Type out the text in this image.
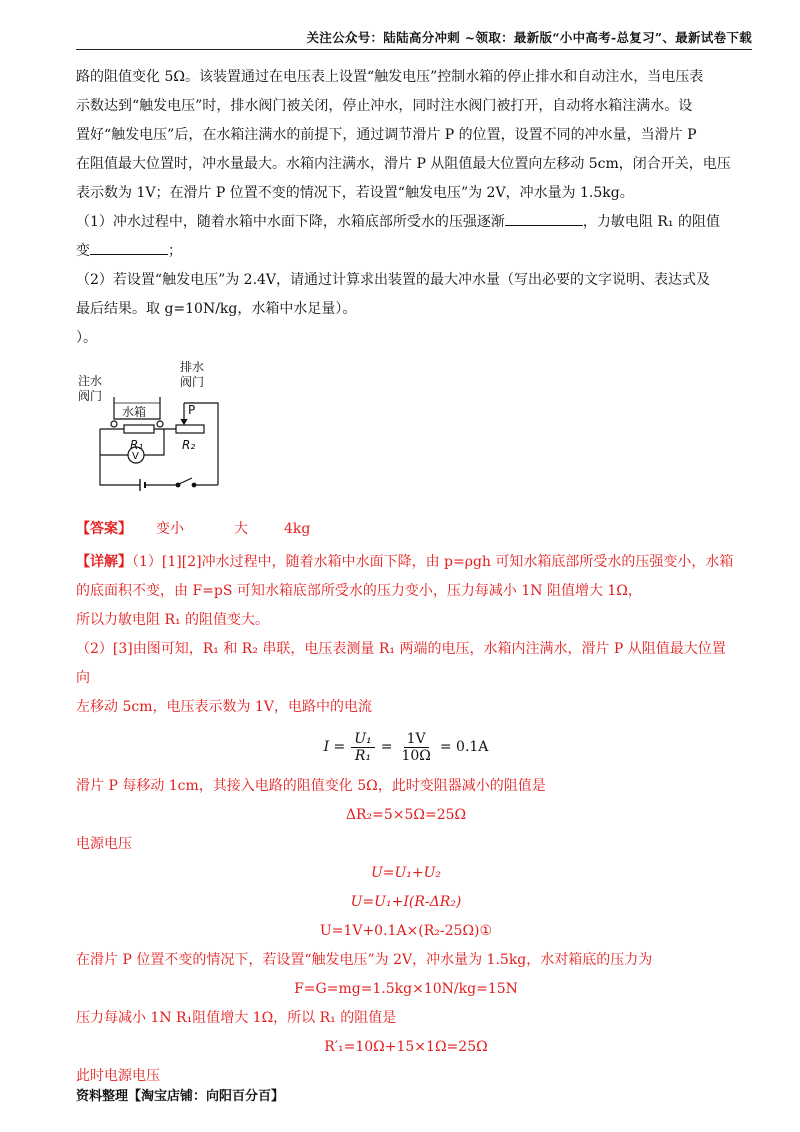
关注公众号：陆陆高分冲刺 ~领取：最新版“小中高考-总复习”、最新试卷下载

路的阻值变化 5Ω。该装置通过在电压表上设置“触发电压”控制水箱的停止排水和自动注水，当电压表

示数达到“触发电压”时，排水阀门被关闭，停止冲水，同时注水阀门被打开，自动将水箱注满水。设

置好“触发电压”后，在水箱注满水的前提下，通过调节滑片 P 的位置，设置不同的冲水量，当滑片 P

在阻值最大位置时，冲水量最大。水箱内注满水，滑片 P 从阻值最大位置向左移动 5cm，闭合开关，电压

表示数为 1V；在滑片 P 位置不变的情况下，若设置“触发电压”为 2V，冲水量为 1.5kg。

（1）冲水过程中，随着水箱中水面下降，水箱底部所受水的压强逐渐	，力敏电阻 R₁ 的阻值

变	；

（2）若设置“触发电压”为 2.4V，请通过计算求出装置的最大冲水量（写出必要的文字说明、表达式及

最后结果。取 g=10N/kg，水箱中水足量）。

）。

注水
阀门
排水
阀门
水箱	P
R₁	R₂
V

【答案】 变小	大	4kg

【详解】（1）[1][2]冲水过程中，随着水箱中水面下降，由 p=ρgh 可知水箱底部所受水的压强变小，水箱

的底面积不变，由 F=pS 可知水箱底部所受水的压力变小，压力每减小 1N 阻值增大 1Ω，

所以力敏电阻 R₁ 的阻值变大。

（2）[3]由图可知，R₁ 和 R₂ 串联，电压表测量 R₁ 两端的电压，水箱内注满水，滑片 P 从阻值最大位置向

左移动 5cm，电压表示数为 1V，电路中的电流

$I = \frac{\text{U₁}}{\text{R₁}} = \frac{1V}{10\Omega} = 0.1A$

滑片 P 每移动 1cm，其接入电路的阻值变化 5Ω，此时变阻器减小的阻值是

ΔR₂=5×5Ω=25Ω

电源电压

U=U₁+U₂

U=U₁+I(R-ΔR₂)

U=1V+0.1A×(R₂-25Ω)①

在滑片 P 位置不变的情况下，若设置“触发电压”为 2V，冲水量为 1.5kg，水对箱底的压力为

F=G=mg=1.5kg×10N/kg=15N

压力每减小 1N R₁阻值增大 1Ω，所以 R₁ 的阻值是

R′₁=10Ω+15×1Ω=25Ω

此时电源电压

资料整理【淘宝店铺：向阳百分百】
